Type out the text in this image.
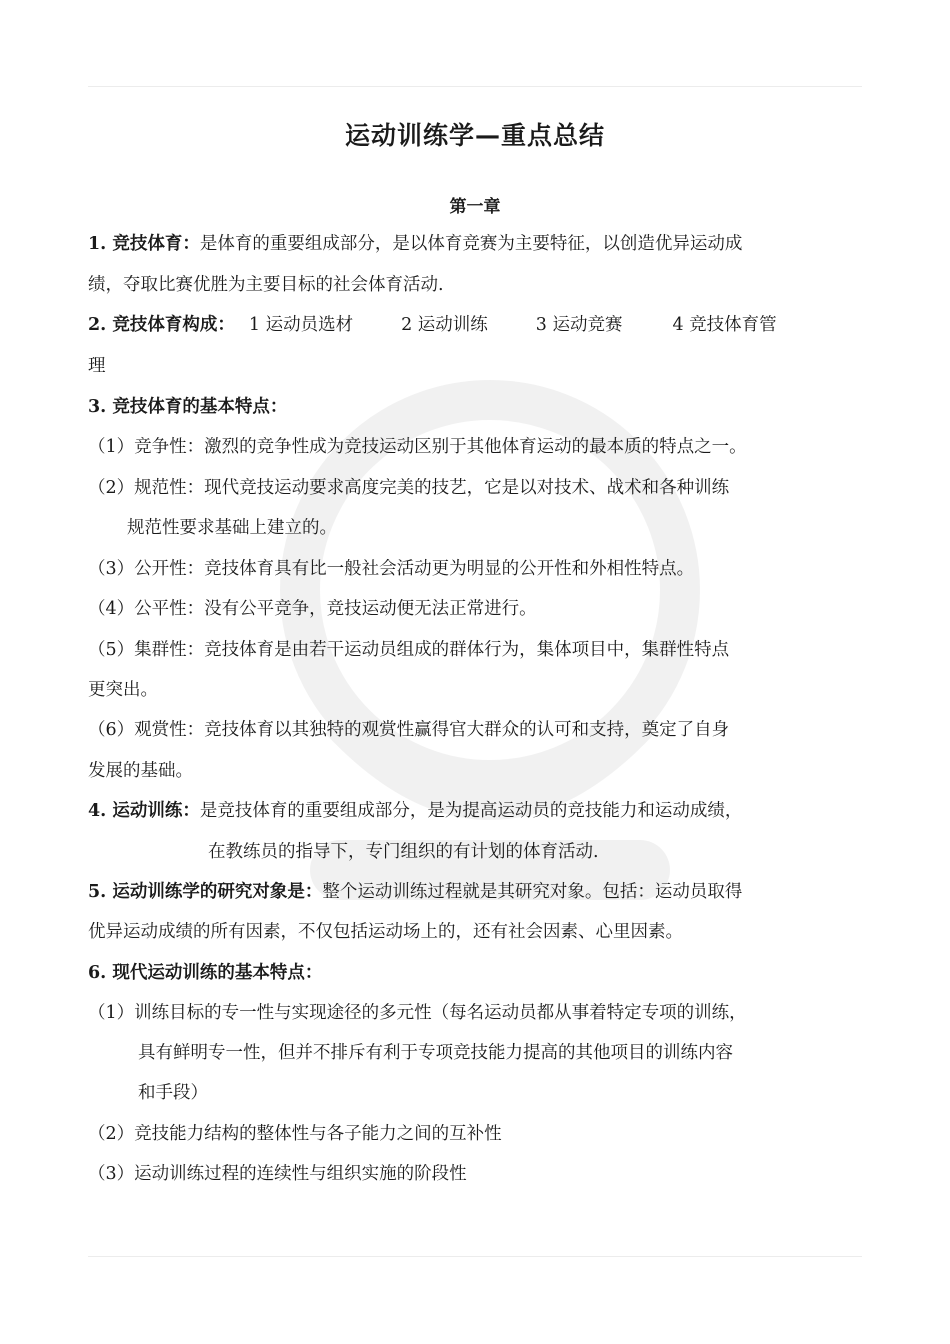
运动训练学—重点总结
第一章

1. 竞技体育：是体育的重要组成部分，是以体育竞赛为主要特征，以创造优异运动成

绩，夺取比赛优胜为主要目标的社会体育活动.

2. 竞技体育构成： 1 运动员选材	2 运动训练	3 运动竞赛	4 竞技体育管

理

3. 竞技体育的基本特点：

（1）竞争性：激烈的竞争性成为竞技运动区别于其他体育运动的最本质的特点之一。

（2）规范性：现代竞技运动要求高度完美的技艺，它是以对技术、战术和各种训练

规范性要求基础上建立的。

（3）公开性：竞技体育具有比一般社会活动更为明显的公开性和外相性特点。

（4）公平性：没有公平竞争，竞技运动便无法正常进行。

（5）集群性：竞技体育是由若干运动员组成的群体行为，集体项目中，集群性特点

更突出。

（6）观赏性：竞技体育以其独特的观赏性赢得官大群众的认可和支持，奠定了自身

发展的基础。

4. 运动训练：是竞技体育的重要组成部分，是为提高运动员的竞技能力和运动成绩，

在教练员的指导下，专门组织的有计划的体育活动.

5. 运动训练学的研究对象是：整个运动训练过程就是其研究对象。包括：运动员取得

优异运动成绩的所有因素，不仅包括运动场上的，还有社会因素、心里因素。

6. 现代运动训练的基本特点：

（1）训练目标的专一性与实现途径的多元性（每名运动员都从事着特定专项的训练，

具有鲜明专一性，但并不排斥有利于专项竞技能力提高的其他项目的训练内容

和手段）

（2）竞技能力结构的整体性与各子能力之间的互补性

（3）运动训练过程的连续性与组织实施的阶段性
